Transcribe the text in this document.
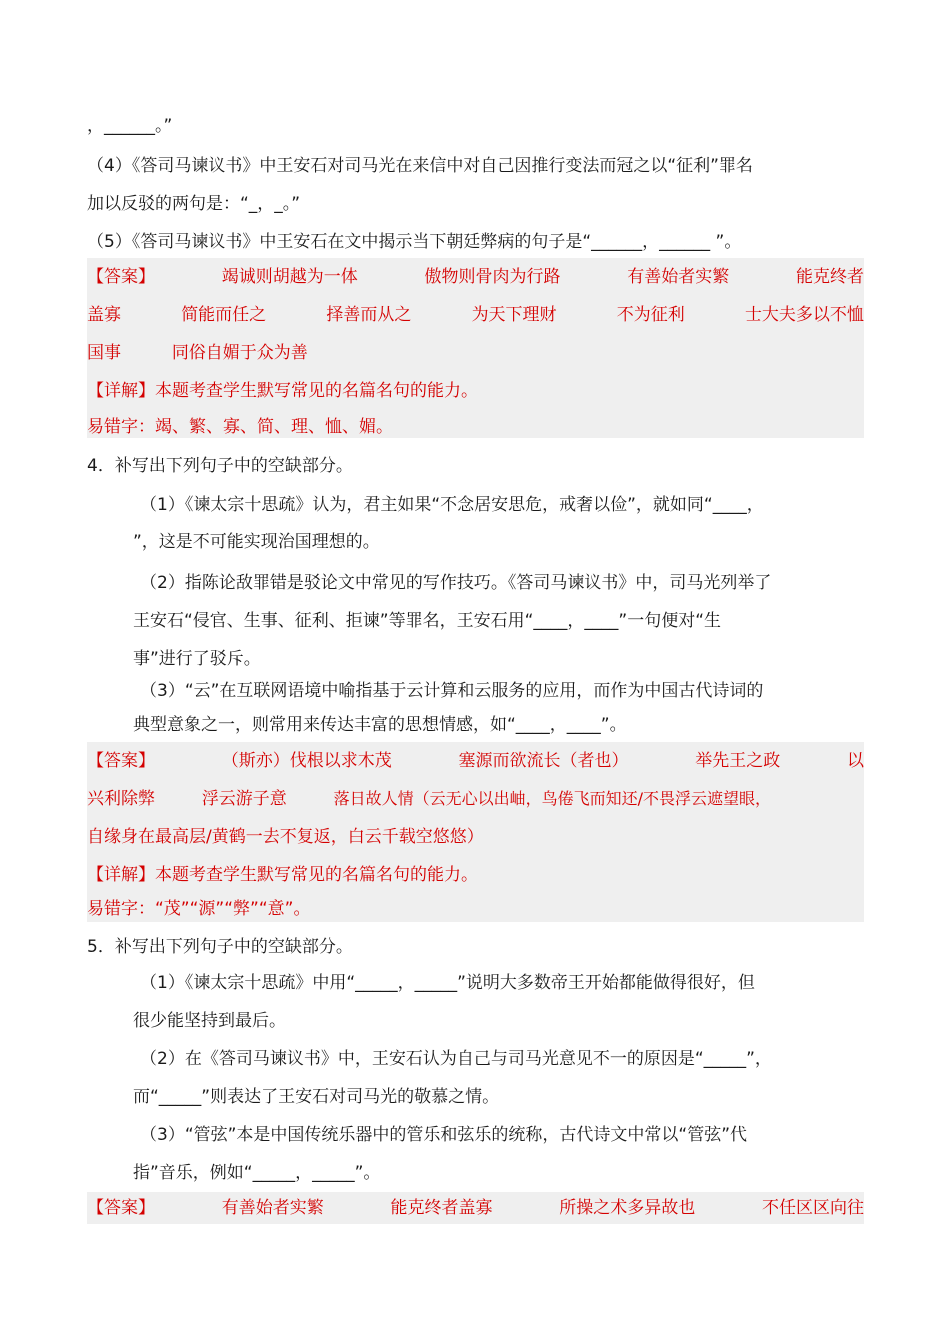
，______。”
（4）《答司马谏议书》中王安石对司马光在来信中对自己因推行变法而冠之以“征利”罪名
加以反驳的两句是：“_，_。”
（5）《答司马谏议书》中王安石在文中揭示当下朝廷弊病的句子是“______，______ ”。
【答案】	竭诚则胡越为一体	傲物则骨肉为行路	有善始者实繁	能克终者
盖寡	简能而任之	择善而从之	为天下理财	不为征利	士大夫多以不恤
国事	同俗自媚于众为善
【详解】本题考查学生默写常见的名篇名句的能力。
易错字：竭、繁、寡、简、理、恤、媚。
4．补写出下列句子中的空缺部分。
（1）《谏太宗十思疏》认为，君主如果“不念居安思危，戒奢以俭”，就如同“____，
”，这是不可能实现治国理想的。
（2）指陈论敌罪错是驳论文中常见的写作技巧。《答司马谏议书》中，司马光列举了
王安石“侵官、生事、征利、拒谏”等罪名，王安石用“____，____”一句便对“生
事”进行了驳斥。
（3）“云”在互联网语境中喻指基于云计算和云服务的应用，而作为中国古代诗词的
典型意象之一，则常用来传达丰富的思想情感，如“____，____”。
【答案】	（斯亦）伐根以求木茂	塞源而欲流长（者也）	举先王之政	以
兴利除弊	浮云游子意	落日故人情（云无心以出岫，鸟倦飞而知还/不畏浮云遮望眼，
自缘身在最高层/黄鹤一去不复返，白云千载空悠悠）
【详解】本题考查学生默写常见的名篇名句的能力。
易错字：“茂”“源”“弊”“意”。
5．补写出下列句子中的空缺部分。
（1）《谏太宗十思疏》中用“_____，_____”说明大多数帝王开始都能做得很好，但
很少能坚持到最后。
（2）在《答司马谏议书》中，王安石认为自己与司马光意见不一的原因是“_____”，
而“_____”则表达了王安石对司马光的敬慕之情。
（3）“管弦”本是中国传统乐器中的管乐和弦乐的统称，古代诗文中常以“管弦”代
指”音乐，例如“_____，_____”。
【答案】	有善始者实繁	能克终者盖寡	所操之术多异故也	不任区区向往
